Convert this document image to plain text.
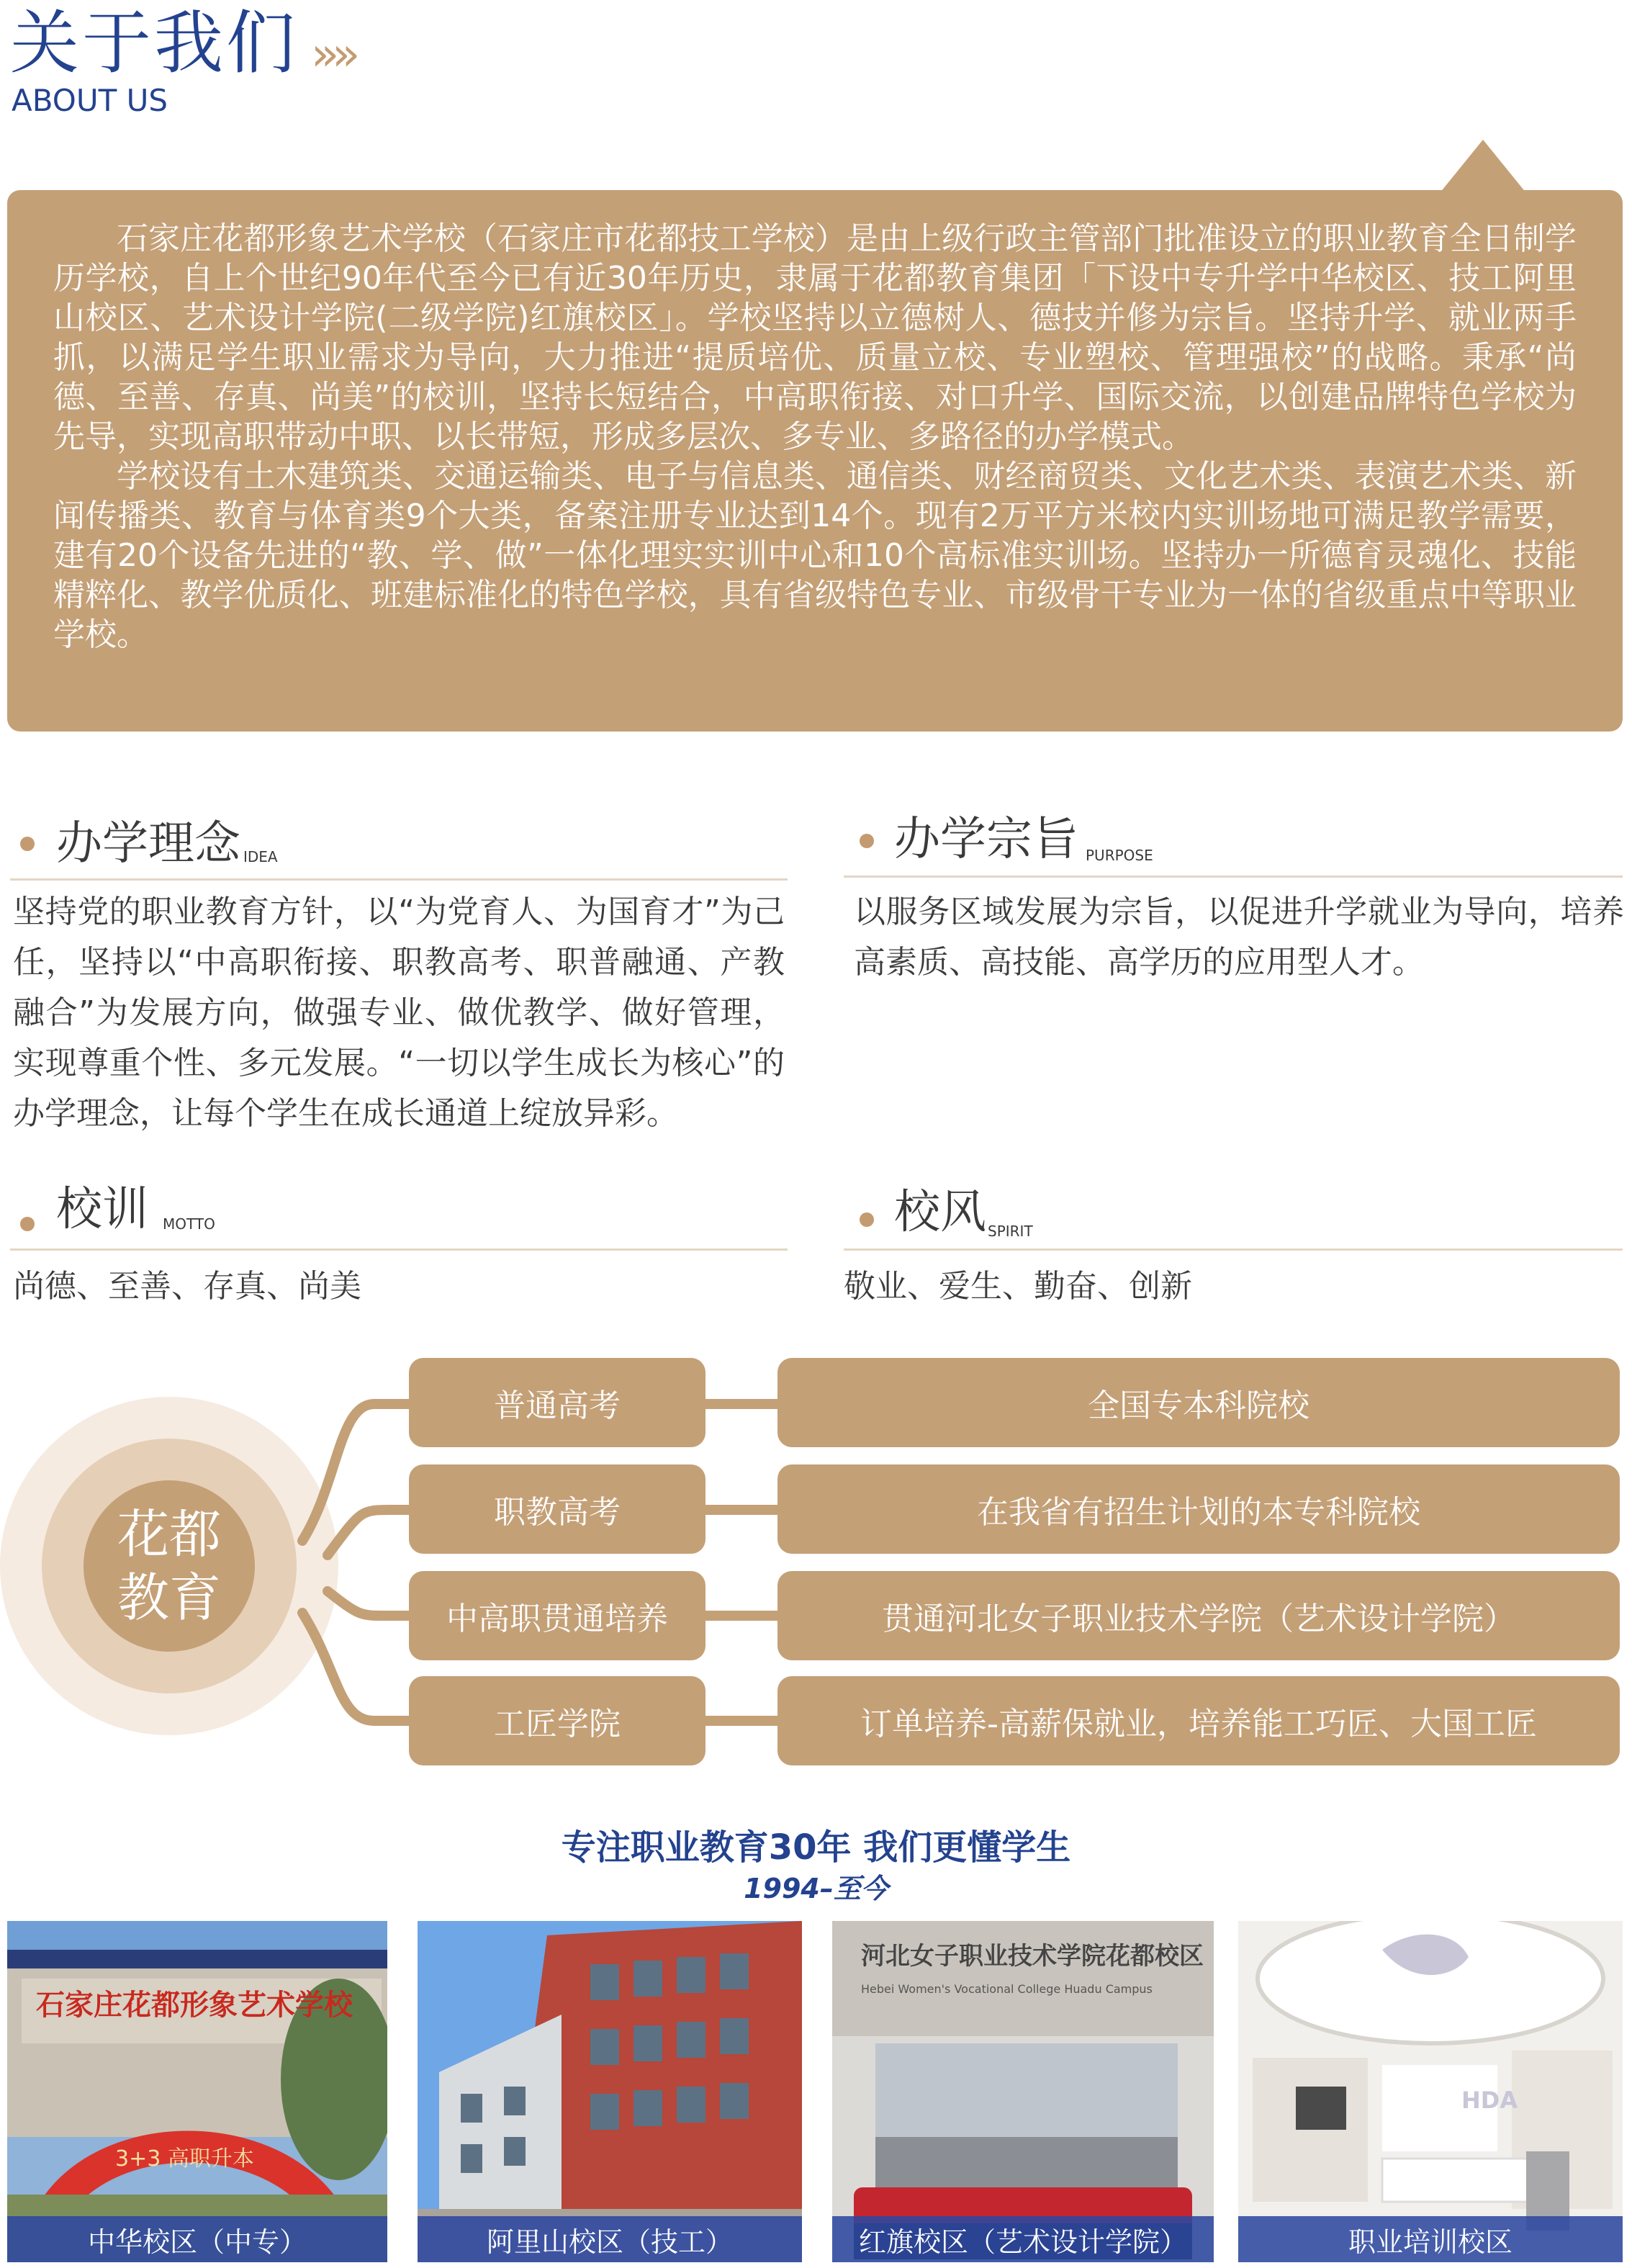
关于我们 »»
ABOUT US

石家庄花都形象艺术学校（石家庄市花都技工学校）是由上级行政主管部门批准设立的职业教育全日制学历学校，自上个世纪90年代至今已有近30年历史，隶属于花都教育集团「下设中专升学中华校区、技工阿里山校区、艺术设计学院(二级学院)红旗校区」。学校坚持以立德树人、德技并修为宗旨。坚持升学、就业两手抓，以满足学生职业需求为导向，大力推进“提质培优、质量立校、专业塑校、管理强校”的战略。秉承“尚德、至善、存真、尚美”的校训，坚持长短结合，中高职衔接、对口升学、国际交流，以创建品牌特色学校为先导，实现高职带动中职、以长带短，形成多层次、多专业、多路径的办学模式。

学校设有土木建筑类、交通运输类、电子与信息类、通信类、财经商贸类、文化艺术类、表演艺术类、新闻传播类、教育与体育类9个大类，备案注册专业达到14个。现有2万平方米校内实训场地可满足教学需要，建有20个设备先进的“教、学、做”一体化理实实训中心和10个高标准实训场。坚持办一所德育灵魂化、技能精粹化、教学优质化、班建标准化的特色学校，具有省级特色专业、市级骨干专业为一体的省级重点中等职业学校。

办学理念 IDEA
坚持党的职业教育方针，以“为党育人、为国育才”为己任，坚持以“中高职衔接、职教高考、职普融通、产教融合”为发展方向，做强专业、做优教学、做好管理，实现尊重个性、多元发展。“一切以学生成长为核心”的办学理念，让每个学生在成长通道上绽放异彩。
办学宗旨 PURPOSE
以服务区域发展为宗旨，以促进升学就业为导向，培养高素质、高技能、高学历的应用型人才。
校训 MOTTO
尚德、至善、存真、尚美
校风 SPIRIT
敬业、爱生、勤奋、创新
花都
教育
普通高考
职教高考
中高职贯通培养
工匠学院
全国专本科院校
在我省有招生计划的本专科院校
贯通河北女子职业技术学院（艺术设计学院）
订单培养-高薪保就业，培养能工巧匠、大国工匠
专注职业教育30年 我们更懂学生
1994–至今
石家庄花都形象艺术学校
3+3 高职升本
中华校区（中专）	阿里山校区（技工）
河北女子职业技术学院花都校区
Hebei Women's Vocational College Huadu Campus
红旗校区（艺术设计学院）
HDA
职业培训校区
